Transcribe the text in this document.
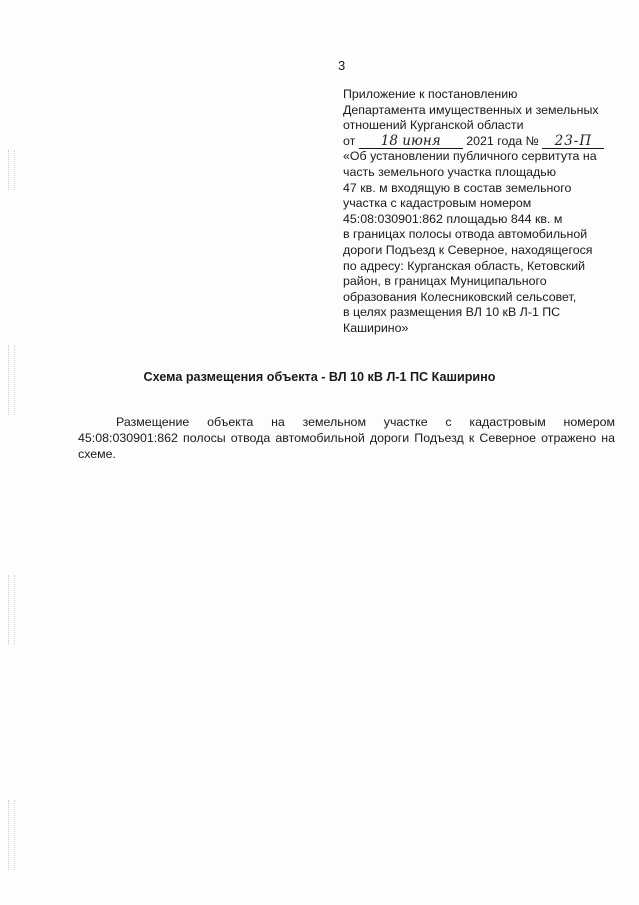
3
Приложение к постановлению
Департамента имущественных и земельных
отношений Курганской области
от 18 июня 2021 года № 23-П
«Об установлении публичного сервитута на
часть земельного участка площадью
47 кв. м входящую в состав земельного
участка с кадастровым номером
45:08:030901:862 площадью 844 кв. м
в границах полосы отвода автомобильной
дороги Подъезд к Северное, находящегося
по адресу: Курганская область, Кетовский
район, в границах Муниципального
образования Колесниковский сельсовет,
в целях размещения ВЛ 10 кВ Л-1 ПС
Каширино»
Схема размещения объекта - ВЛ 10 кВ Л-1 ПС Каширино
Размещение объекта на земельном участке с кадастровым номером 45:08:030901:862 полосы отвода автомобильной дороги Подъезд к Северное отражено на схеме.
